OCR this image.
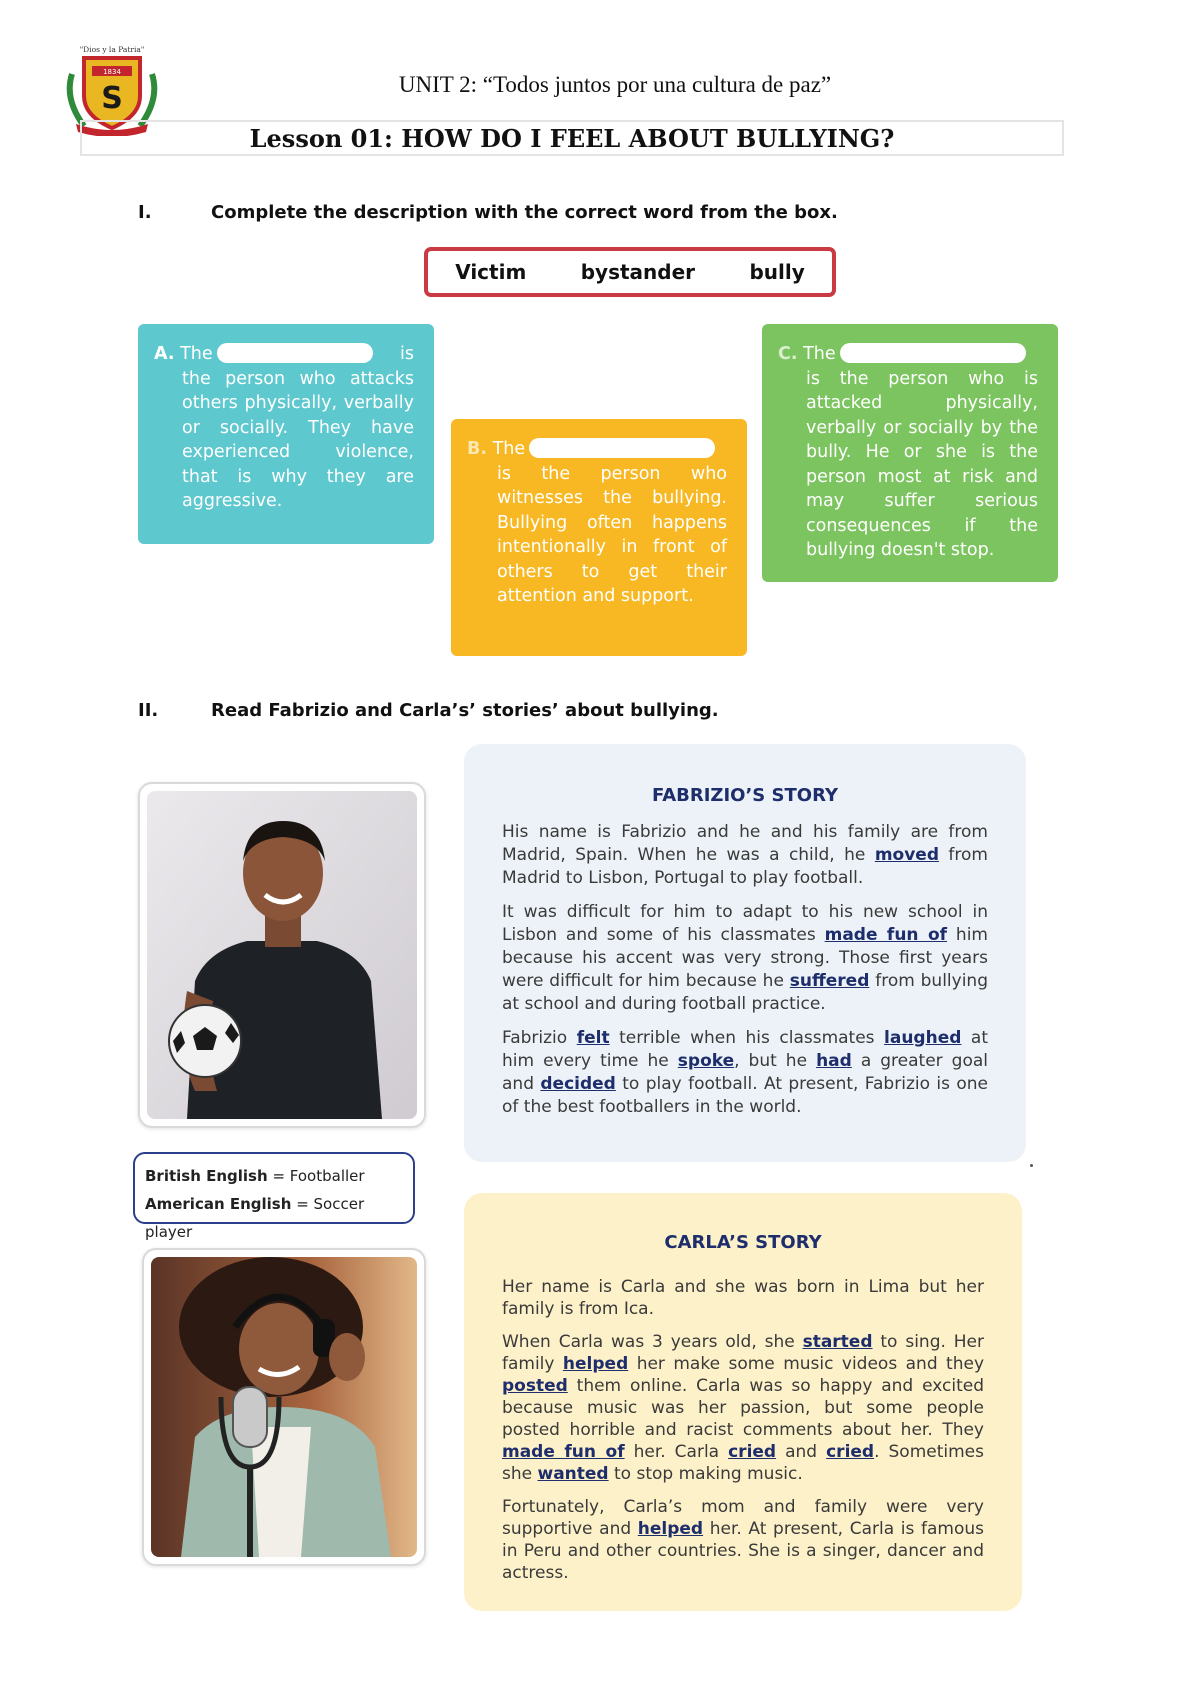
1834
S
"Dios y la Patria"
UNIT 2: “Todos juntos por una cultura de paz”
Lesson 01: HOW DO I FEEL ABOUT BULLYING?
I.	Complete the description with the correct word from the box.
Victim	bystander	bully

A. The	is

the person who attacks others physically, verbally or socially. They have experienced violence, that is why they are aggressive.

B. The

is the person who witnesses the bullying. Bullying often happens intentionally in front of others to get their attention and support.

C. The

is the person who is attacked physically, verbally or socially by the bully. He or she is the person most at risk and may suffer serious consequences if the bullying doesn't stop.

II.	Read Fabrizio and Carla’s’ stories’ about bullying.
British English = Footballer
American English = Soccer player
FABRIZIO’S STORY

His name is Fabrizio and he and his family are from Madrid, Spain. When he was a child, he moved from Madrid to Lisbon, Portugal to play football.

It was difficult for him to adapt to his new school in Lisbon and some of his classmates made fun of him because his accent was very strong. Those first years were difficult for him because he suffered from bullying at school and during football practice.

Fabrizio felt terrible when his classmates laughed at him every time he spoke, but he had a greater goal and decided to play football. At present, Fabrizio is one of the best footballers in the world.

CARLA’S STORY

Her name is Carla and she was born in Lima but her family is from Ica.

When Carla was 3 years old, she started to sing. Her family helped her make some music videos and they posted them online. Carla was so happy and excited because music was her passion, but some people posted horrible and racist comments about her. They made fun of her. Carla cried and cried. Sometimes she wanted to stop making music.

Fortunately, Carla’s mom and family were very supportive and helped her. At present, Carla is famous in Peru and other countries. She is a singer, dancer and actress.
